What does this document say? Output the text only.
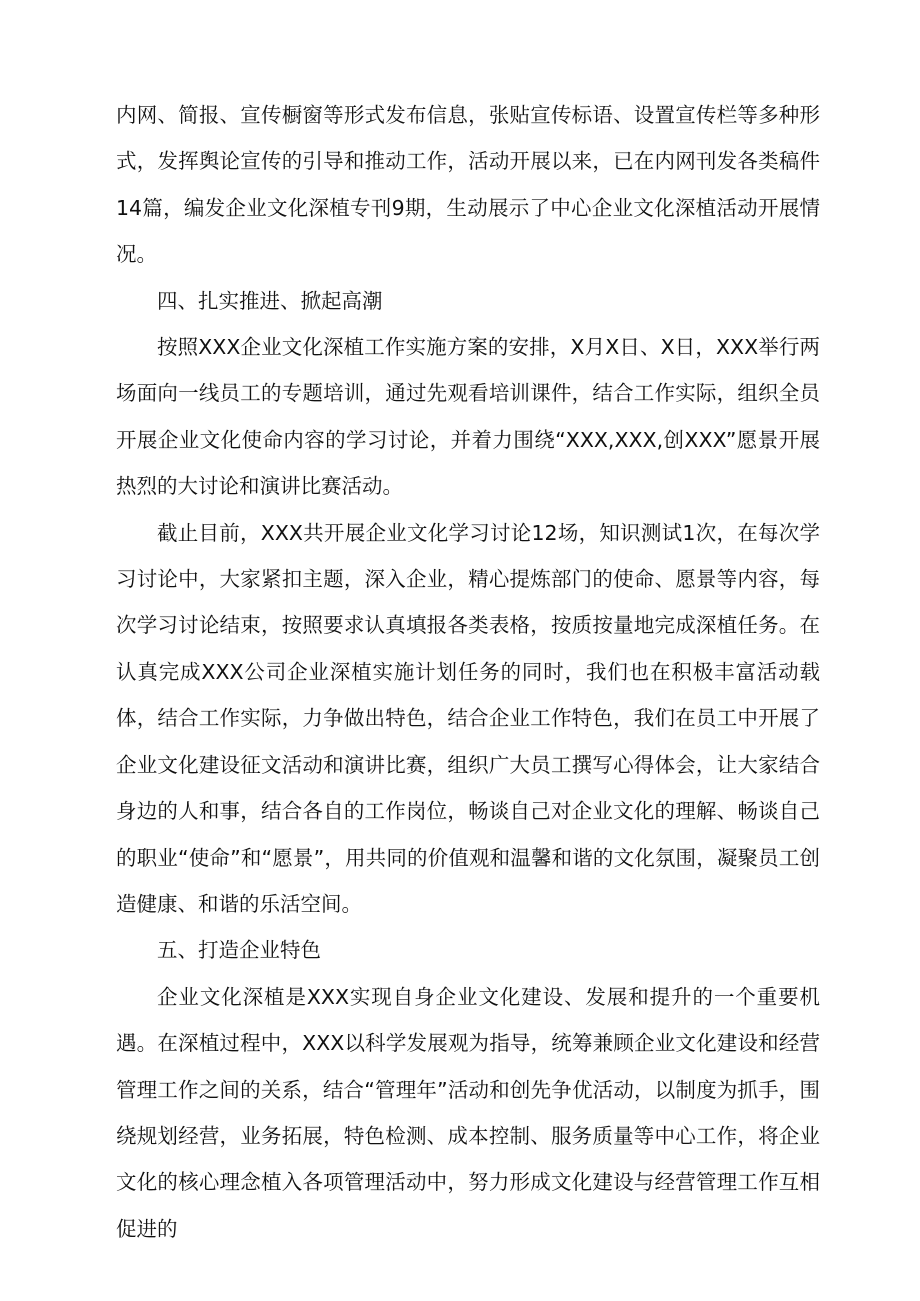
内网、简报、宣传橱窗等形式发布信息，张贴宣传标语、设置宣传栏等多种形式，发挥舆论宣传的引导和推动工作，活动开展以来，已在内网刊发各类稿件14篇，编发企业文化深植专刊9期，生动展示了中心企业文化深植活动开展情况。

四、扎实推进、掀起高潮

按照XXX企业文化深植工作实施方案的安排，X月X日、X日，XXX举行两场面向一线员工的专题培训，通过先观看培训课件，结合工作实际，组织全员开展企业文化使命内容的学习讨论，并着力围绕“XXX,XXX,创XXX”愿景开展热烈的大讨论和演讲比赛活动。

截止目前，XXX共开展企业文化学习讨论12场，知识测试1次，在每次学习讨论中，大家紧扣主题，深入企业，精心提炼部门的使命、愿景等内容，每次学习讨论结束，按照要求认真填报各类表格，按质按量地完成深植任务。在认真完成XXX公司企业深植实施计划任务的同时，我们也在积极丰富活动载体，结合工作实际，力争做出特色，结合企业工作特色，我们在员工中开展了企业文化建设征文活动和演讲比赛，组织广大员工撰写心得体会，让大家结合身边的人和事，结合各自的工作岗位，畅谈自己对企业文化的理解、畅谈自己的职业“使命”和“愿景”，用共同的价值观和温馨和谐的文化氛围，凝聚员工创造健康、和谐的乐活空间。

五、打造企业特色

企业文化深植是XXX实现自身企业文化建设、发展和提升的一个重要机遇。在深植过程中，XXX以科学发展观为指导，统筹兼顾企业文化建设和经营管理工作之间的关系，结合“管理年”活动和创先争优活动，以制度为抓手，围绕规划经营，业务拓展，特色检测、成本控制、服务质量等中心工作，将企业文化的核心理念植入各项管理活动中，努力形成文化建设与经营管理工作互相促进的
